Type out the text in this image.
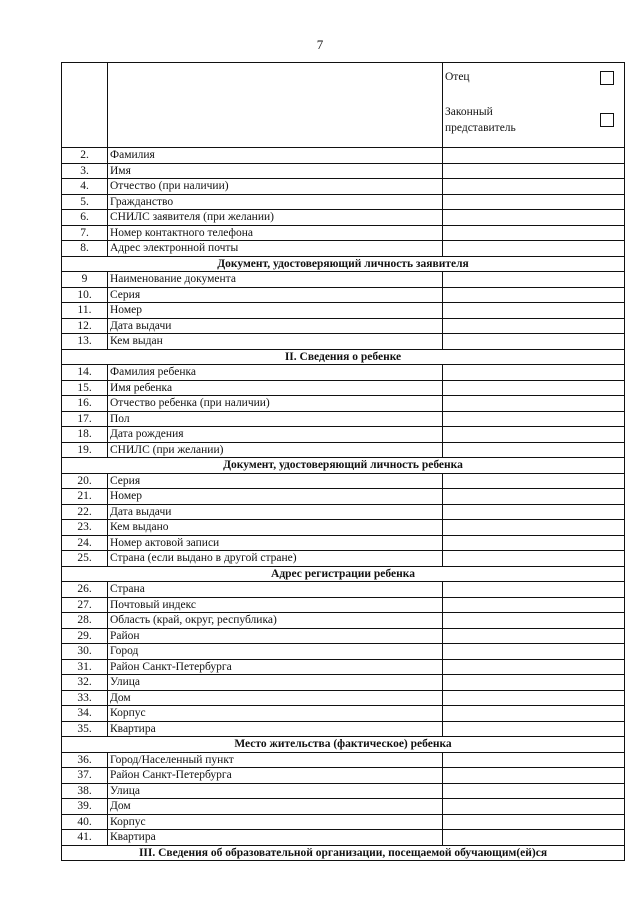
7

		Отец
Законный
представитель

2.	Фамилия	
3.	Имя	
4.	Отчество (при наличии)	
5.	Гражданство	
6.	СНИЛС заявителя (при желании)	
7.	Номер контактного телефона	
8.	Адрес электронной почты	
Документ, удостоверяющий личность заявителя		
9	Наименование документа	
10.	Серия	
11.	Номер	
12.	Дата выдачи	
13.	Кем выдан	
II. Сведения о ребенке		
14.	Фамилия ребенка	
15.	Имя ребенка	
16.	Отчество ребенка (при наличии)	
17.	Пол	
18.	Дата рождения	
19.	СНИЛС (при желании)	
Документ, удостоверяющий личность ребенка		
20.	Серия	
21.	Номер	
22.	Дата выдачи	
23.	Кем выдано	
24.	Номер актовой записи	
25.	Страна (если выдано в другой стране)	
Адрес регистрации ребенка		
26.	Страна	
27.	Почтовый индекс	
28.	Область (край, округ, республика)	
29.	Район	
30.	Город	
31.	Район Санкт-Петербурга	
32.	Улица	
33.	Дом	
34.	Корпус	
35.	Квартира	
Место жительства (фактическое) ребенка		
36.	Город/Населенный пункт	
37.	Район Санкт-Петербурга	
38.	Улица	
39.	Дом	
40.	Корпус	
41.	Квартира	
III. Сведения об образовательной организации, посещаемой обучающим(ей)ся		
